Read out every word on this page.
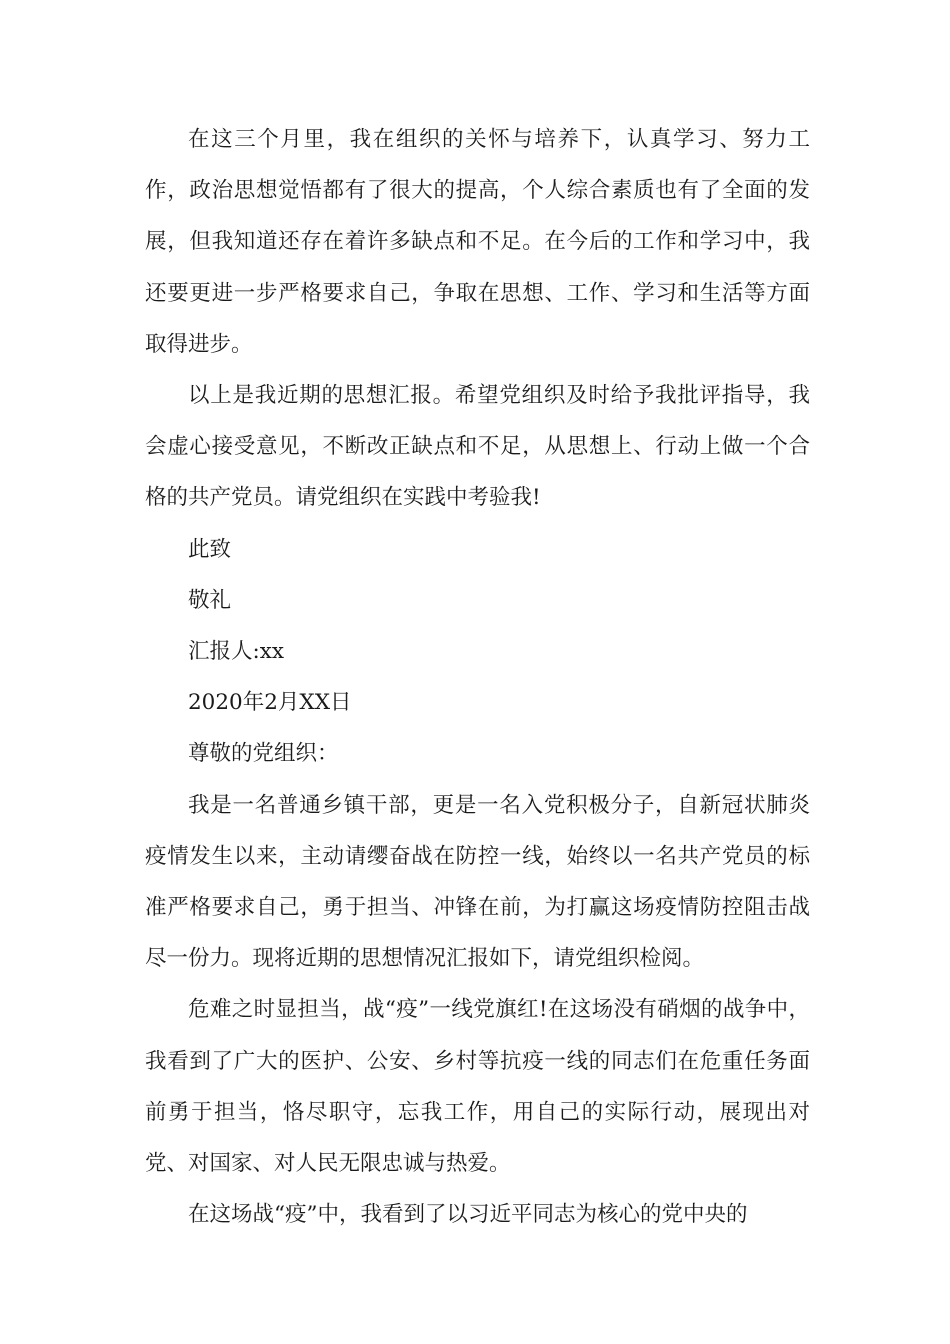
在这三个月里，我在组织的关怀与培养下，认真学习、努力工作，政治思想觉悟都有了很大的提高，个人综合素质也有了全面的发展，但我知道还存在着许多缺点和不足。在今后的工作和学习中，我还要更进一步严格要求自己，争取在思想、工作、学习和生活等方面取得进步。

以上是我近期的思想汇报。希望党组织及时给予我批评指导，我会虚心接受意见，不断改正缺点和不足，从思想上、行动上做一个合格的共产党员。请党组织在实践中考验我!

此致

敬礼

汇报人:xx

2020年2月XX日

尊敬的党组织：

我是一名普通乡镇干部，更是一名入党积极分子，自新冠状肺炎疫情发生以来，主动请缨奋战在防控一线，始终以一名共产党员的标准严格要求自己，勇于担当、冲锋在前，为打赢这场疫情防控阻击战尽一份力。现将近期的思想情况汇报如下，请党组织检阅。

危难之时显担当，战“疫”一线党旗红!在这场没有硝烟的战争中，我看到了广大的医护、公安、乡村等抗疫一线的同志们在危重任务面前勇于担当，恪尽职守，忘我工作，用自己的实际行动，展现出对党、对国家、对人民无限忠诚与热爱。

在这场战“疫”中，我看到了以习近平同志为核心的党中央的
